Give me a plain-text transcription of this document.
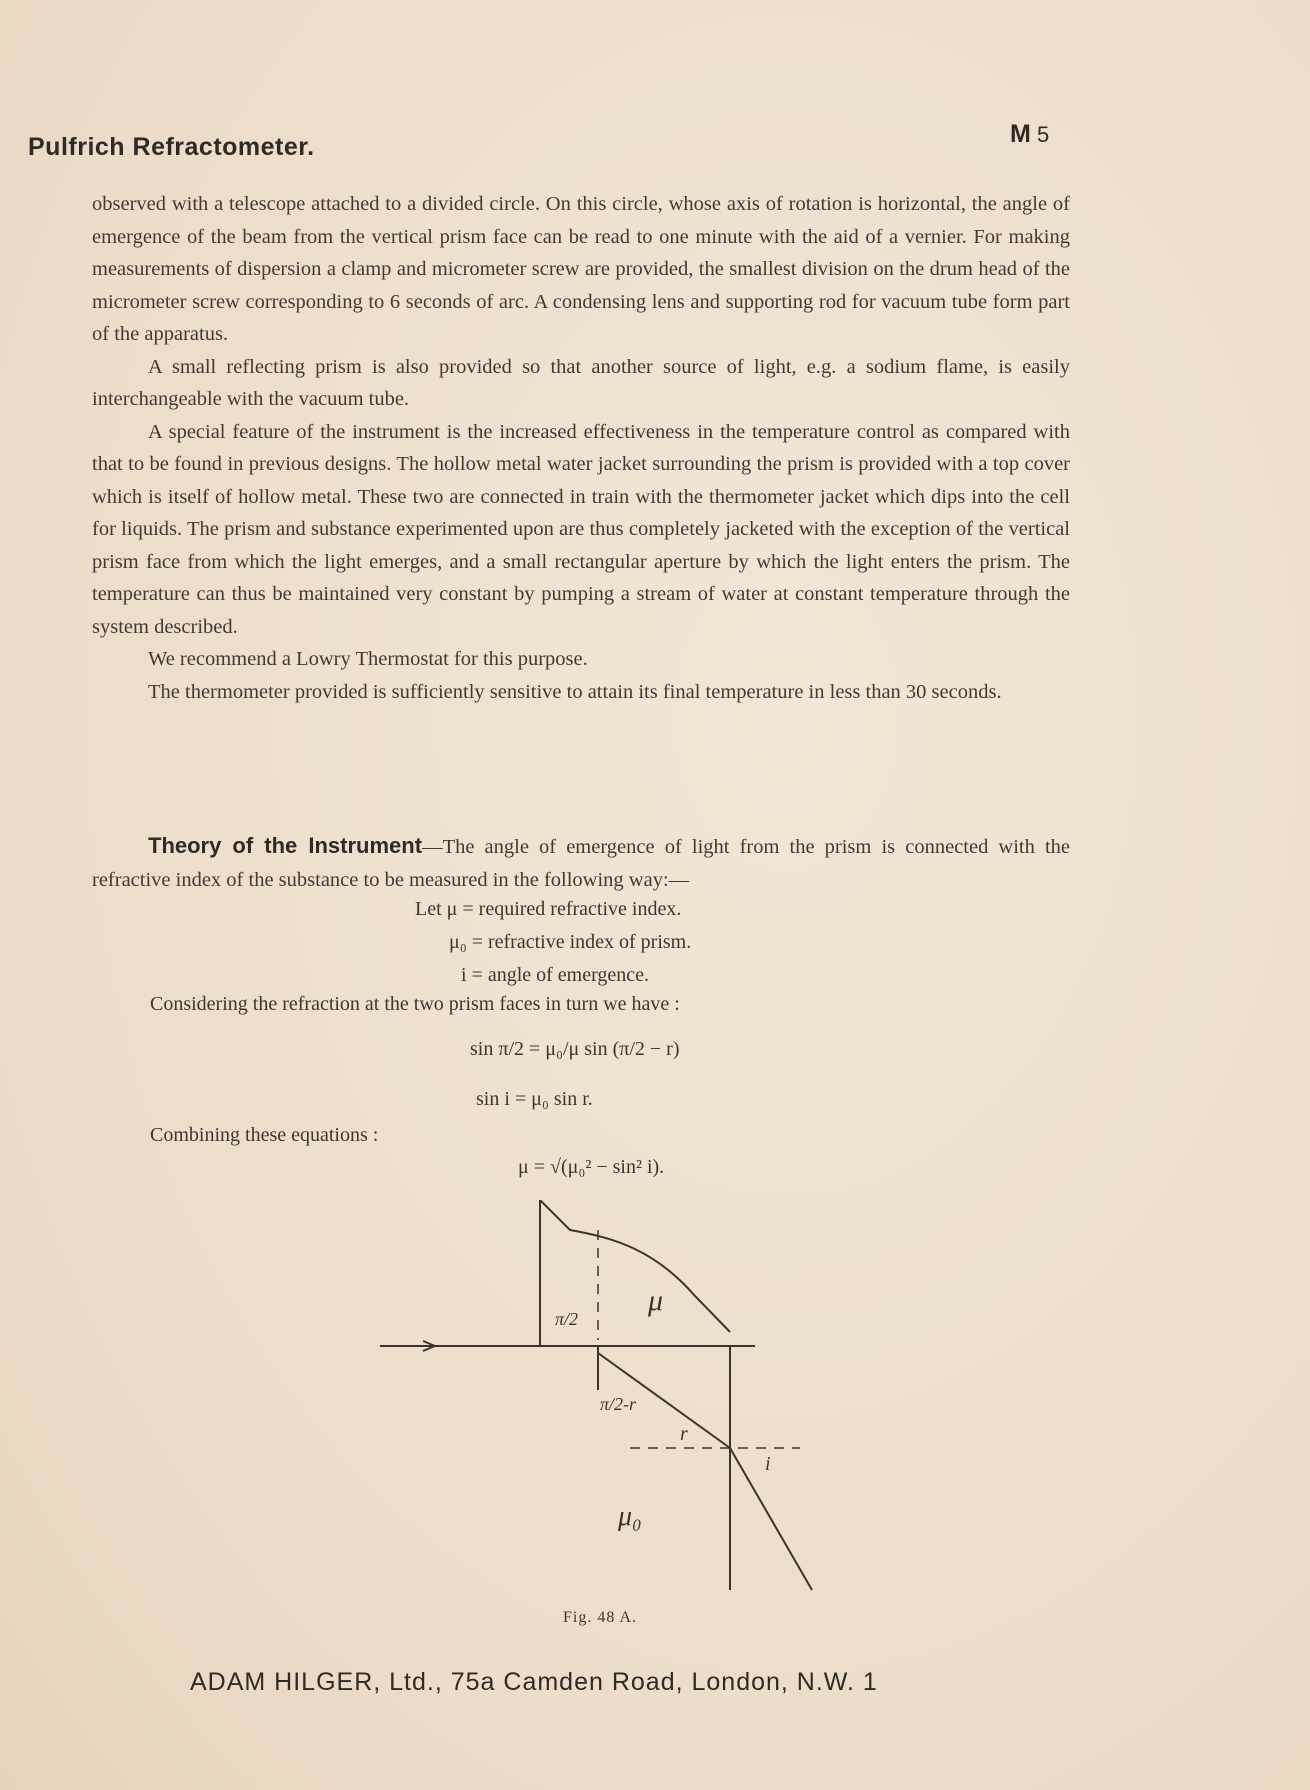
Pulfrich Refractometer.	M 5

observed with a telescope attached to a divided circle. On this circle, whose axis of rotation is horizontal, the angle of emergence of the beam from the vertical prism face can be read to one minute with the aid of a vernier. For making measurements of dispersion a clamp and micrometer screw are provided, the smallest division on the drum head of the micrometer screw corresponding to 6 seconds of arc. A condensing lens and supporting rod for vacuum tube form part of the apparatus.

A small reflecting prism is also provided so that another source of light, e.g. a sodium flame, is easily interchangeable with the vacuum tube.

A special feature of the instrument is the increased effectiveness in the temperature control as compared with that to be found in previous designs. The hollow metal water jacket surrounding the prism is provided with a top cover which is itself of hollow metal. These two are connected in train with the thermometer jacket which dips into the cell for liquids. The prism and substance experimented upon are thus completely jacketed with the exception of the vertical prism face from which the light emerges, and a small rectangular aperture by which the light enters the prism. The temperature can thus be maintained very constant by pumping a stream of water at constant temperature through the system described.

We recommend a Lowry Thermostat for this purpose.

The thermometer provided is sufficiently sensitive to attain its final temperature in less than 30 seconds.

Theory of the Instrument—The angle of emergence of light from the prism is connected with the refractive index of the substance to be measured in the following way:—
Let μ = required refractive index.
μ₀ = refractive index of prism.
i = angle of emergence.
Considering the refraction at the two prism faces in turn we have :
sin π/2 = μ₀/μ sin (π/2 − r)
sin i = μ₀ sin r.
Combining these equations :
μ = √(μ₀² − sin² i).
μ
π/2
π/2-r
r
i
μ₀
Fig. 48 A.
ADAM HILGER, Ltd., 75a Camden Road, London, N.W. 1
